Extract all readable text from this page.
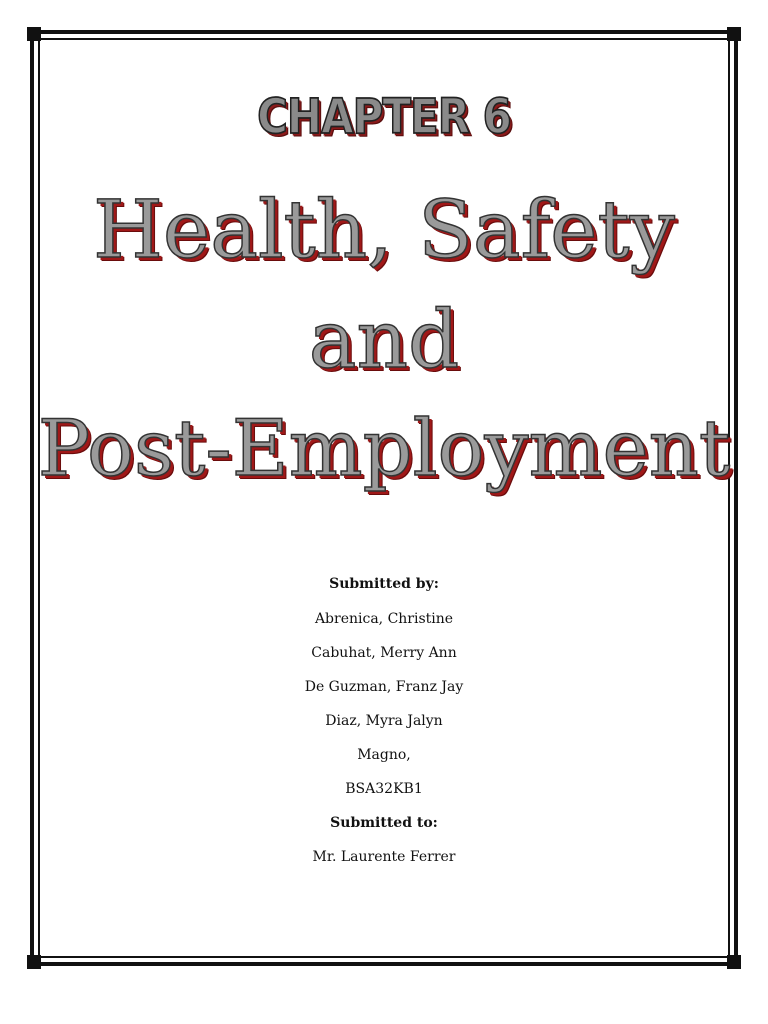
CHAPTER 6
Health, Safety
and
Post-Employment
Submitted by:
Abrenica, Christine
Cabuhat, Merry Ann
De Guzman, Franz Jay
Diaz, Myra Jalyn
Magno,
BSA32KB1
Submitted to:
Mr. Laurente Ferrer
